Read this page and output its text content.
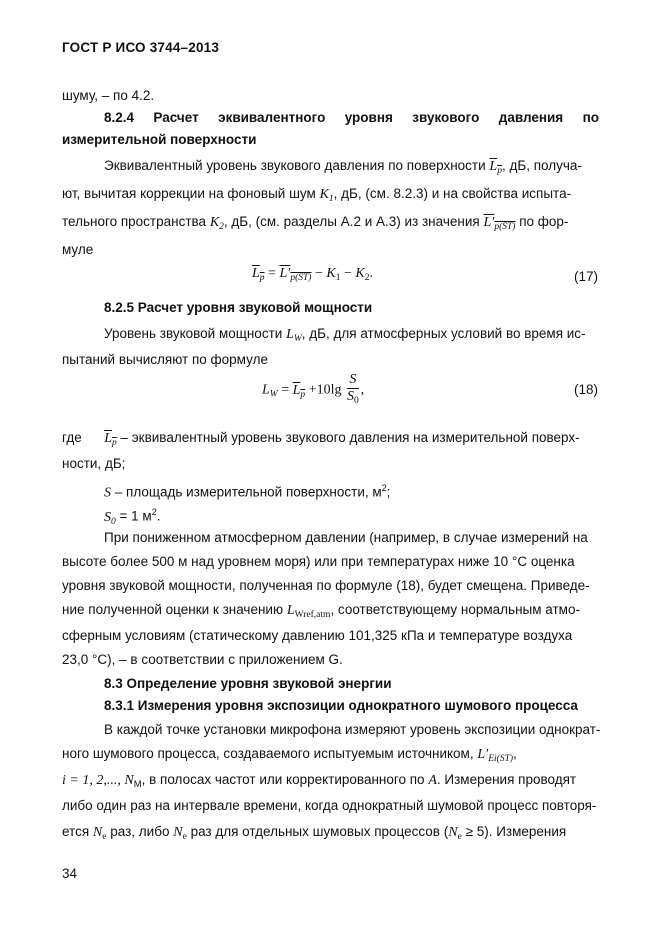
ГОСТ Р ИСО 3744–2013
шуму, – по 4.2.
8.2.4 Расчет эквивалентного уровня звукового давления по
измерительной поверхности
Эквивалентный уровень звукового давления по поверхности $L_p$, дБ, получа-
ют, вычитая коррекции на фоновый шум $K_1$, дБ, (см. 8.2.3) и на свойства испыта-
тельного пространства $K_2$, дБ, (см. разделы А.2 и А.3) из значения $L'_{p(ST)}$ по фор-
муле
$L_p = L'_{p(ST)} - K_1 - K_2$.	(17)
8.2.5 Расчет уровня звуковой мощности
Уровень звуковой мощности $L_W$, дБ, для атмосферных условий во время ис-
пытаний вычисляют по формуле
$L_W = L_p +10\lg \frac{S}{S_0}$ ,	(18)
где $L_p$ – эквивалентный уровень звукового давления на измерительной поверх-
ности, дБ;
S – площадь измерительной поверхности, $м^2$;
$S_0 = 1$ $м^2$.
При пониженном атмосферном давлении (например, в случае измерений на
высоте более 500 м над уровнем моря) или при температурах ниже 10 °С оценка
уровня звуковой мощности, полученная по формуле (18), будет смещена. Приведе-
ние полученной оценки к значению $L_{Wref,atm}$, соответствующему нормальным атмо-
сферным условиям (статическому давлению 101,325 кПа и температуре воздуха
23,0 °С), – в соответствии с приложением G.
8.3 Определение уровня звуковой энергии
8.3.1 Измерения уровня экспозиции однократного шумового процесса
В каждой точке установки микрофона измеряют уровень экспозиции однократ-
ного шумового процесса, создаваемого испытуемым источником, $L'_{Ei(ST)}$,
i = 1, 2,..., $N_M$, в полосах частот или корректированного по A. Измерения проводят
либо один раз на интервале времени, когда однократный шумовой процесс повторя-
ется $N_e$ раз, либо $N_e$ раз для отдельных шумовых процессов $(N_e \ge 5)$. Измерения
34
